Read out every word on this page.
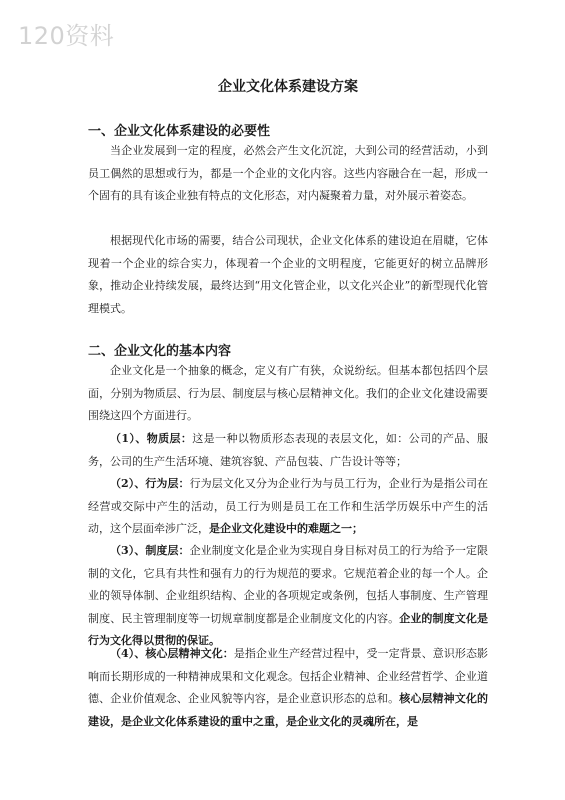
120资料
企业文化体系建设方案
一、企业文化体系建设的必要性

当企业发展到一定的程度，必然会产生文化沉淀，大到公司的经营活动，小到员工偶然的思想或行为，都是一个企业的文化内容。这些内容融合在一起，形成一个固有的具有该企业独有特点的文化形态，对内凝聚着力量，对外展示着姿态。

根据现代化市场的需要，结合公司现状，企业文化体系的建设迫在眉睫，它体现着一个企业的综合实力，体现着一个企业的文明程度，它能更好的树立品牌形象，推动企业持续发展，最终达到“用文化管企业，以文化兴企业”的新型现代化管理模式。

二、企业文化的基本内容

企业文化是一个抽象的概念，定义有广有狭，众说纷纭。但基本都包括四个层面，分别为物质层、行为层、制度层与核心层精神文化。我们的企业文化建设需要围绕这四个方面进行。

（1）、物质层：这是一种以物质形态表现的表层文化，如：公司的产品、服务，公司的生产生活环境、建筑容貌、产品包装、广告设计等等；

（2）、行为层：行为层文化又分为企业行为与员工行为，企业行为是指公司在经营或交际中产生的活动，员工行为则是员工在工作和生活学历娱乐中产生的活动，这个层面牵涉广泛，是企业文化建设中的难题之一；

（3）、制度层：企业制度文化是企业为实现自身目标对员工的行为给予一定限制的文化，它具有共性和强有力的行为规范的要求。它规范着企业的每一个人。企业的领导体制、企业组织结构、企业的各项规定或条例，包括人事制度、生产管理制度、民主管理制度等一切规章制度都是企业制度文化的内容。企业的制度文化是行为文化得以贯彻的保证。

（4）、核心层精神文化：是指企业生产经营过程中，受一定背景、意识形态影响而长期形成的一种精神成果和文化观念。包括企业精神、企业经营哲学、企业道德、企业价值观念、企业风貌等内容，是企业意识形态的总和。核心层精神文化的建设，是企业文化体系建设的重中之重，是企业文化的灵魂所在，是
